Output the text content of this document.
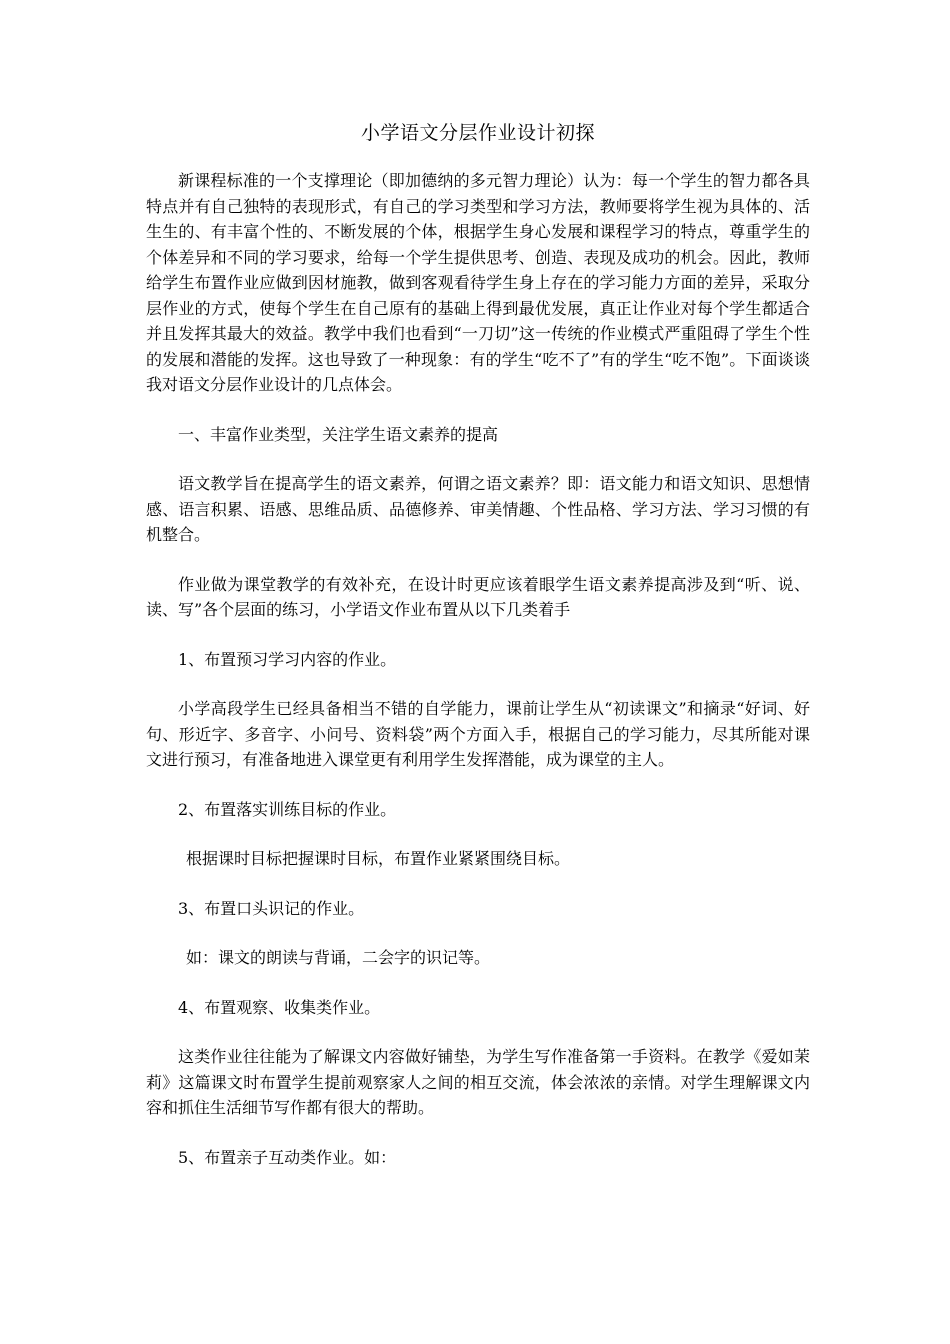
小学语文分层作业设计初探

新课程标准的一个支撑理论（即加德纳的多元智力理论）认为：每一个学生的智力都各具特点并有自己独特的表现形式，有自己的学习类型和学习方法，教师要将学生视为具体的、活生生的、有丰富个性的、不断发展的个体，根据学生身心发展和课程学习的特点，尊重学生的个体差异和不同的学习要求，给每一个学生提供思考、创造、表现及成功的机会。因此，教师给学生布置作业应做到因材施教，做到客观看待学生身上存在的学习能力方面的差异，采取分层作业的方式，使每个学生在自己原有的基础上得到最优发展，真正让作业对每个学生都适合并且发挥其最大的效益。教学中我们也看到“一刀切”这一传统的作业模式严重阻碍了学生个性的发展和潜能的发挥。这也导致了一种现象：有的学生“吃不了”有的学生“吃不饱”。下面谈谈我对语文分层作业设计的几点体会。

一、丰富作业类型，关注学生语文素养的提高

语文教学旨在提高学生的语文素养，何谓之语文素养？即：语文能力和语文知识、思想情感、语言积累、语感、思维品质、品德修养、审美情趣、个性品格、学习方法、学习习惯的有机整合。

作业做为课堂教学的有效补充，在设计时更应该着眼学生语文素养提高涉及到“听、说、读、写”各个层面的练习，小学语文作业布置从以下几类着手

1、布置预习学习内容的作业。

小学高段学生已经具备相当不错的自学能力，课前让学生从“初读课文”和摘录“好词、好句、形近字、多音字、小问号、资料袋”两个方面入手，根据自己的学习能力，尽其所能对课文进行预习，有准备地进入课堂更有利用学生发挥潜能，成为课堂的主人。

2、布置落实训练目标的作业。

根据课时目标把握课时目标，布置作业紧紧围绕目标。

3、布置口头识记的作业。

如：课文的朗读与背诵，二会字的识记等。

4、布置观察、收集类作业。

这类作业往往能为了解课文内容做好铺垫，为学生写作准备第一手资料。在教学《爱如茉莉》这篇课文时布置学生提前观察家人之间的相互交流，体会浓浓的亲情。对学生理解课文内容和抓住生活细节写作都有很大的帮助。

5、布置亲子互动类作业。如：
